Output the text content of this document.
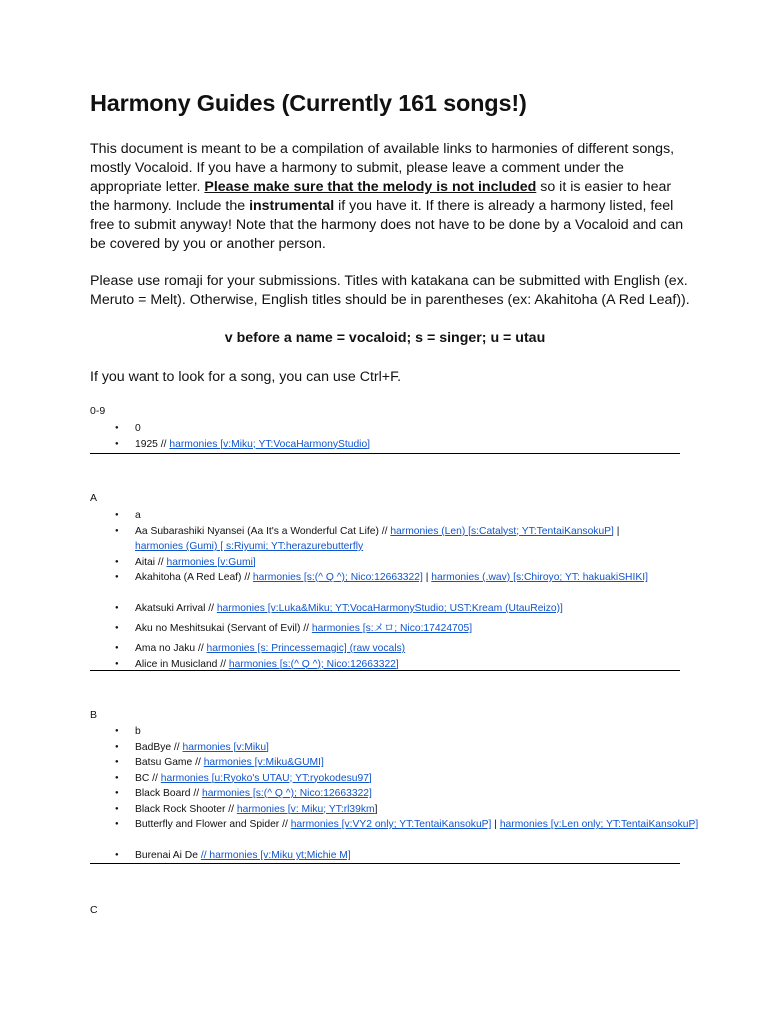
Harmony Guides (Currently 161 songs!)

This document is meant to be a compilation of available links to harmonies of different songs, mostly Vocaloid. If you have a harmony to submit, please leave a comment under the appropriate letter. Please make sure that the melody is not included so it is easier to hear the harmony. Include the instrumental if you have it. If there is already a harmony listed, feel free to submit anyway! Note that the harmony does not have to be done by a Vocaloid and can be covered by you or another person.

Please use romaji for your submissions. Titles with katakana can be submitted with English (ex. Meruto = Melt). Otherwise, English titles should be in parentheses (ex: Akahitoha (A Red Leaf)).

v before a name = vocaloid; s = singer; u = utau

If you want to look for a song, you can use Ctrl+F.

0-9
● 0
● 1925 // harmonies [v:Miku; YT:VocaHarmonyStudio]
A
● a
● Aa Subarashiki Nyansei (Aa It's a Wonderful Cat Life) // harmonies (Len) [s:Catalyst; YT:TentaiKansokuP] |
harmonies (Gumi) [ s:Riyumi; YT:herazurebutterfly
● Aitai // harmonies [v:Gumi]
● Akahitoha (A Red Leaf) // harmonies [s:(^ Q ^); Nico:12663322] | harmonies (.wav) [s:Chiroyo; YT: hakuakiSHIKI]
● Akatsuki Arrival // harmonies [v:Luka&Miku; YT:VocaHarmonyStudio; UST:Kream (UtauReizo)]
● Aku no Meshitsukai (Servant of Evil) // harmonies [s:メロ; Nico:17424705]
● Ama no Jaku // harmonies [s: Princessemagic] (raw vocals)
● Alice in Musicland // harmonies [s:(^ Q ^); Nico:12663322]
B
● b
● BadBye // harmonies [v:Miku]
● Batsu Game // harmonies [v:Miku&GUMI]
● BC // harmonies [u:Ryoko's UTAU; YT:ryokodesu97]
● Black Board // harmonies [s:(^ Q ^); Nico:12663322]
● Black Rock Shooter // harmonies [v: Miku; YT:rl39km]
● Butterfly and Flower and Spider // harmonies [v:VY2 only; YT:TentaiKansokuP] | harmonies [v:Len only; YT:TentaiKansokuP]
● Burenai Ai De // harmonies [v:Miku yt;Michie M]
C
